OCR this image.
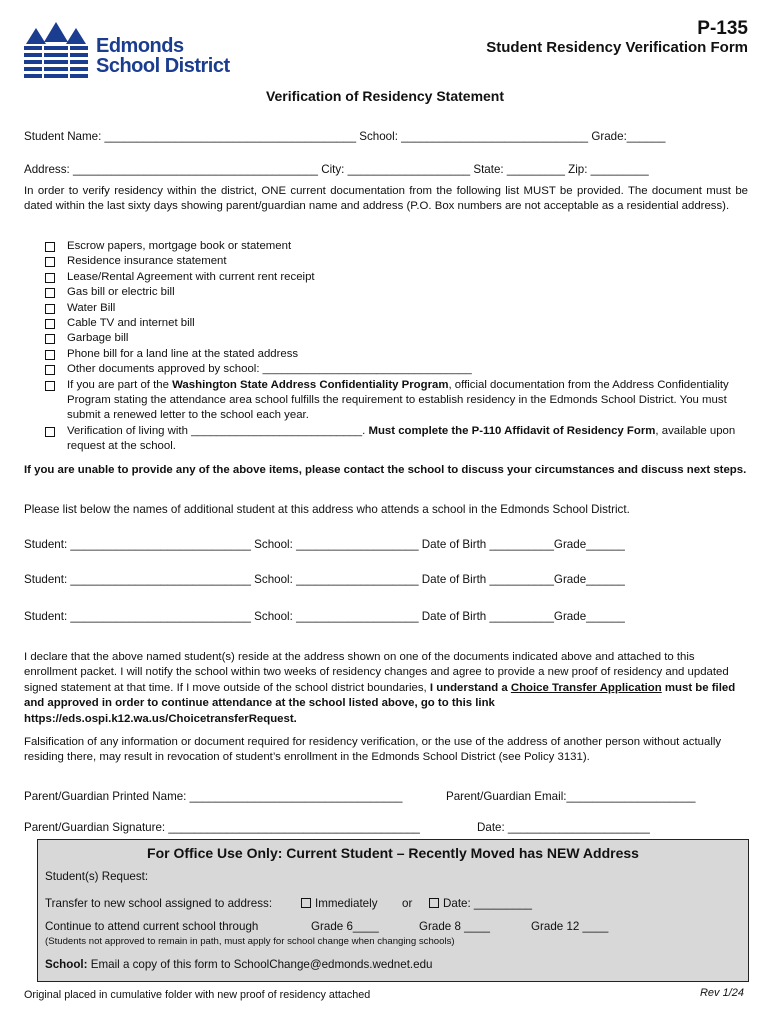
Edmonds
School District
P-135
Student Residency Verification Form
Verification of Residency Statement
Student Name: _______________________________________ School: _____________________________ Grade:______
Address: ______________________________________ City: ___________________ State: _________ Zip: _________
In order to verify residency within the district, ONE current documentation from the following list MUST be provided. The document must be dated within the last sixty days showing parent/guardian name and address (P.O. Box numbers are not acceptable as a residential address).
Escrow papers, mortgage book or statement
Residence insurance statement
Lease/Rental Agreement with current rent receipt
Gas bill or electric bill
Water Bill
Cable TV and internet bill
Garbage bill
Phone bill for a land line at the stated address
Other documents approved by school: _________________________________
If you are part of the Washington State Address Confidentiality Program, official documentation from the Address Confidentiality Program stating the attendance area school fulfills the requirement to establish residency in the Edmonds School District. You must submit a renewed letter to the school each year.
Verification of living with ___________________________. Must complete the P-110 Affidavit of Residency Form, available upon request at the school.
If you are unable to provide any of the above items, please contact the school to discuss your circumstances and discuss next steps.
Please list below the names of additional student at this address who attends a school in the Edmonds School District.
Student: ____________________________ School: ___________________ Date of Birth __________Grade______
Student: ____________________________ School: ___________________ Date of Birth __________Grade______
Student: ____________________________ School: ___________________ Date of Birth __________Grade______
I declare that the above named student(s) reside at the address shown on one of the documents indicated above and attached to this enrollment packet. I will notify the school within two weeks of residency changes and agree to provide a new proof of residency and updated signed statement at that time. If I move outside of the school district boundaries, I understand a Choice Transfer Application must be filed and approved in order to continue attendance at the school listed above, go to this link https://eds.ospi.k12.wa.us/ChoicetransferRequest.
Falsification of any information or document required for residency verification, or the use of the address of another person without actually residing there, may result in revocation of student’s enrollment in the Edmonds School District (see Policy 3131).
Parent/Guardian Printed Name: _________________________________	Parent/Guardian Email:____________________
Parent/Guardian Signature: _______________________________________	Date: ______________________
For Office Use Only: Current Student – Recently Moved has NEW Address
Student(s) Request:
Transfer to new school assigned to address:	Immediately or	Date: _________
Continue to attend current school through	Grade 6____	Grade 8 ____	Grade 12 ____
(Students not approved to remain in path, must apply for school change when changing schools)
School: Email a copy of this form to SchoolChange@edmonds.wednet.edu
Original placed in cumulative folder with new proof of residency attached	Rev 1/24
